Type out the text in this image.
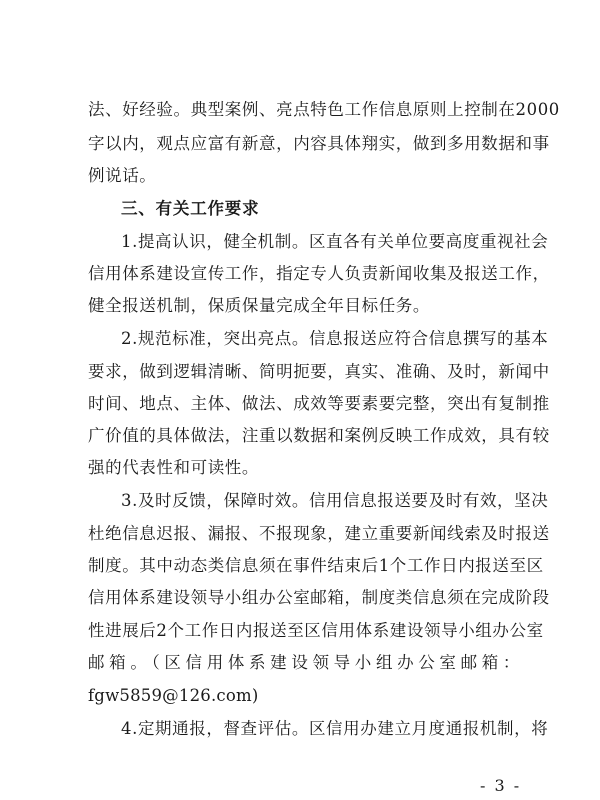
法、好经验。典型案例、亮点特色工作信息原则上控制在2000
字以内，观点应富有新意，内容具体翔实，做到多用数据和事
例说话。
三、有关工作要求
1.提高认识，健全机制。区直各有关单位要高度重视社会
信用体系建设宣传工作，指定专人负责新闻收集及报送工作，
健全报送机制，保质保量完成全年目标任务。
2.规范标准，突出亮点。信息报送应符合信息撰写的基本
要求，做到逻辑清晰、简明扼要，真实、准确、及时，新闻中
时间、地点、主体、做法、成效等要素要完整，突出有复制推
广价值的具体做法，注重以数据和案例反映工作成效，具有较
强的代表性和可读性。
3.及时反馈，保障时效。信用信息报送要及时有效，坚决
杜绝信息迟报、漏报、不报现象，建立重要新闻线索及时报送
制度。其中动态类信息须在事件结束后1个工作日内报送至区
信用体系建设领导小组办公室邮箱，制度类信息须在完成阶段
性进展后2个工作日内报送至区信用体系建设领导小组办公室
邮箱。（区信用体系建设领导小组办公室邮箱：
fgw5859@126.com)
4.定期通报，督查评估。区信用办建立月度通报机制，将
- 3 -
